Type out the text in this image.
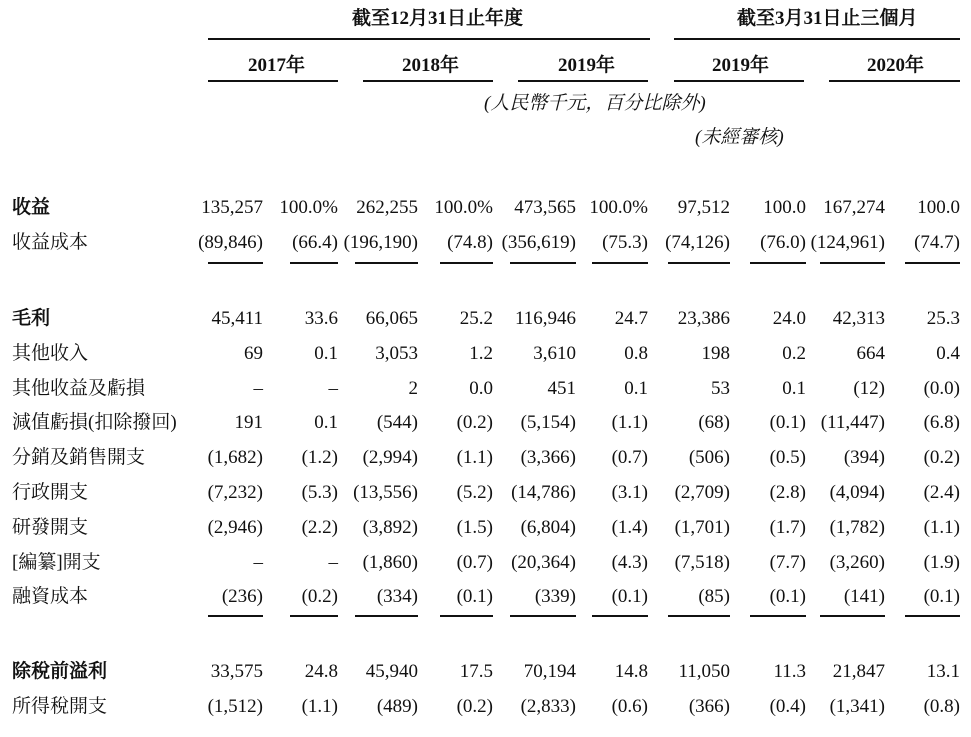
截至12月31日止年度	截至3月31日止三個月
2017年	2018年	2019年	2019年	2020年
(人民幣千元，百分比除外)
(未經審核)
收益	135,257 100.0% 262,255 100.0% 473,565 100.0% 97,512 100.0 167,274 100.0
收益成本	(89,846) (66.4) (196,190) (74.8) (356,619) (75.3) (74,126) (76.0) (124,961) (74.7)
毛利	45,411 33.6 66,065 25.2 116,946 24.7 23,386 24.0 42,313 25.3
其他收入	69	0.1 3,053	1.2 3,610	0.8	198	0.2	664	0.4
其他收益及虧損	–	–	2	0.0	451	0.1	53	0.1 (12) (0.0)
減值虧損(扣除撥回)	191	0.1 (544) (0.2) (5,154) (1.1)	(68) (0.1) (11,447) (6.8)
分銷及銷售開支	(1,682) (1.2) (2,994) (1.1) (3,366) (0.7) (506) (0.5) (394) (0.2)
行政開支	(7,232) (5.3) (13,556) (5.2) (14,786) (3.1) (2,709) (2.8) (4,094) (2.4)
研發開支	(2,946) (2.2) (3,892) (1.5) (6,804) (1.4) (1,701) (1.7) (1,782) (1.1)
[編纂]開支	–	– (1,860) (0.7) (20,364) (4.3) (7,518) (7.7) (3,260) (1.9)
融資成本	(236) (0.2) (334) (0.1) (339) (0.1)	(85) (0.1) (141) (0.1)
除稅前溢利	33,575 24.8 45,940 17.5 70,194 14.8 11,050 11.3 21,847 13.1
所得稅開支	(1,512) (1.1) (489) (0.2) (2,833) (0.6) (366) (0.4) (1,341) (0.8)
